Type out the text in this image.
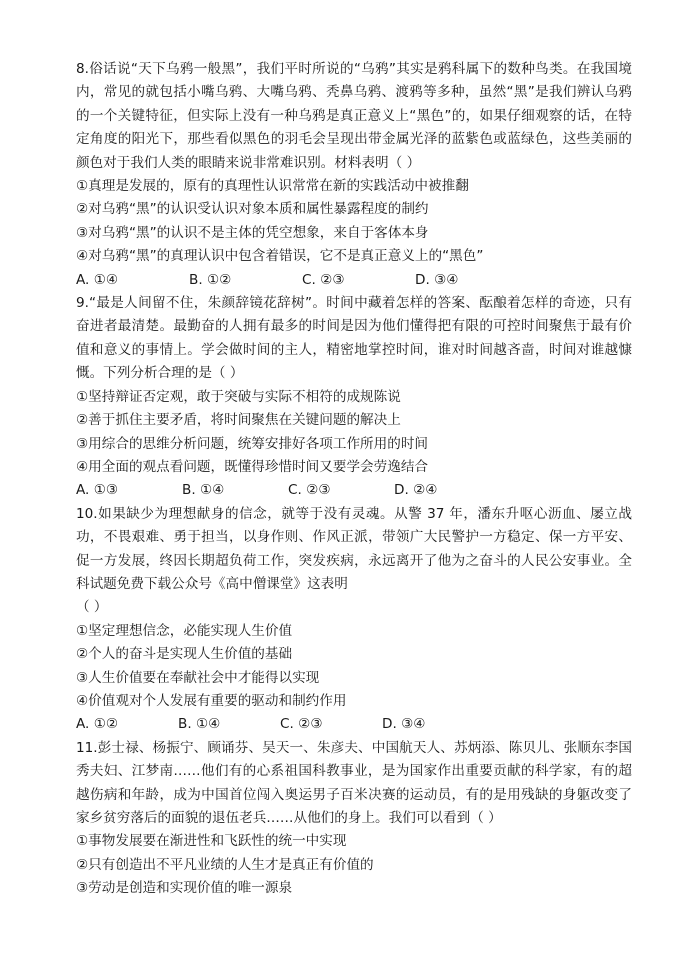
8.俗话说“天下乌鸦一般黑”，我们平时所说的“乌鸦”其实是鸦科属下的数种鸟类。在我国境内，常见的就包括小嘴乌鸦、大嘴乌鸦、秃鼻乌鸦、渡鸦等多种，虽然“黑”是我们辨认乌鸦的一个关键特征，但实际上没有一种乌鸦是真正意义上“黑色”的，如果仔细观察的话，在特定角度的阳光下，那些看似黑色的羽毛会呈现出带金属光泽的蓝紫色或蓝绿色，这些美丽的颜色对于我们人类的眼睛来说非常难识别。材料表明（ ）

①真理是发展的，原有的真理性认识常常在新的实践活动中被推翻

②对乌鸦“黑”的认识受认识对象本质和属性暴露程度的制约

③对乌鸦“黑”的认识不是主体的凭空想象，来自于客体本身

④对乌鸦“黑”的真理认识中包含着错误，它不是真正意义上的“黑色”

A. ①④	B. ①②	C. ②③	D. ③④

9.“最是人间留不住，朱颜辞镜花辞树”。时间中藏着怎样的答案、酝酿着怎样的奇迹，只有奋进者最清楚。最勤奋的人拥有最多的时间是因为他们懂得把有限的可控时间聚焦于最有价值和意义的事情上。学会做时间的主人，精密地掌控时间，谁对时间越吝啬，时间对谁越慷慨。下列分析合理的是（ ）

①坚持辩证否定观，敢于突破与实际不相符的成规陈说

②善于抓住主要矛盾，将时间聚焦在关键问题的解决上

③用综合的思维分析问题，统筹安排好各项工作所用的时间

④用全面的观点看问题，既懂得珍惜时间又要学会劳逸结合

A. ①③	B. ①④	C. ②③	D. ②④

10.如果缺少为理想献身的信念，就等于没有灵魂。从警 37 年，潘东升呕心沥血、屡立战功，不畏艰难、勇于担当，以身作则、作风正派，带领广大民警护一方稳定、保一方平安、促一方发展，终因长期超负荷工作，突发疾病，永远离开了他为之奋斗的人民公安事业。全科试题免费下载公众号《高中僧课堂》这表明

（ ）

①坚定理想信念，必能实现人生价值

②个人的奋斗是实现人生价值的基础

③人生价值要在奉献社会中才能得以实现

④价值观对个人发展有重要的驱动和制约作用

A. ①②	B. ①④	C. ②③	D. ③④

11.彭士禄、杨振宁、顾诵芬、吴天一、朱彦夫、中国航天人、苏炳添、陈贝儿、张顺东李国秀夫妇、江梦南……他们有的心系祖国科教事业，是为国家作出重要贡献的科学家，有的超越伤病和年龄，成为中国首位闯入奥运男子百米决赛的运动员，有的是用残缺的身躯改变了家乡贫穷落后的面貌的退伍老兵……从他们的身上。我们可以看到（ ）

①事物发展要在渐进性和飞跃性的统一中实现

②只有创造出不平凡业绩的人生才是真正有价值的

③劳动是创造和实现价值的唯一源泉
